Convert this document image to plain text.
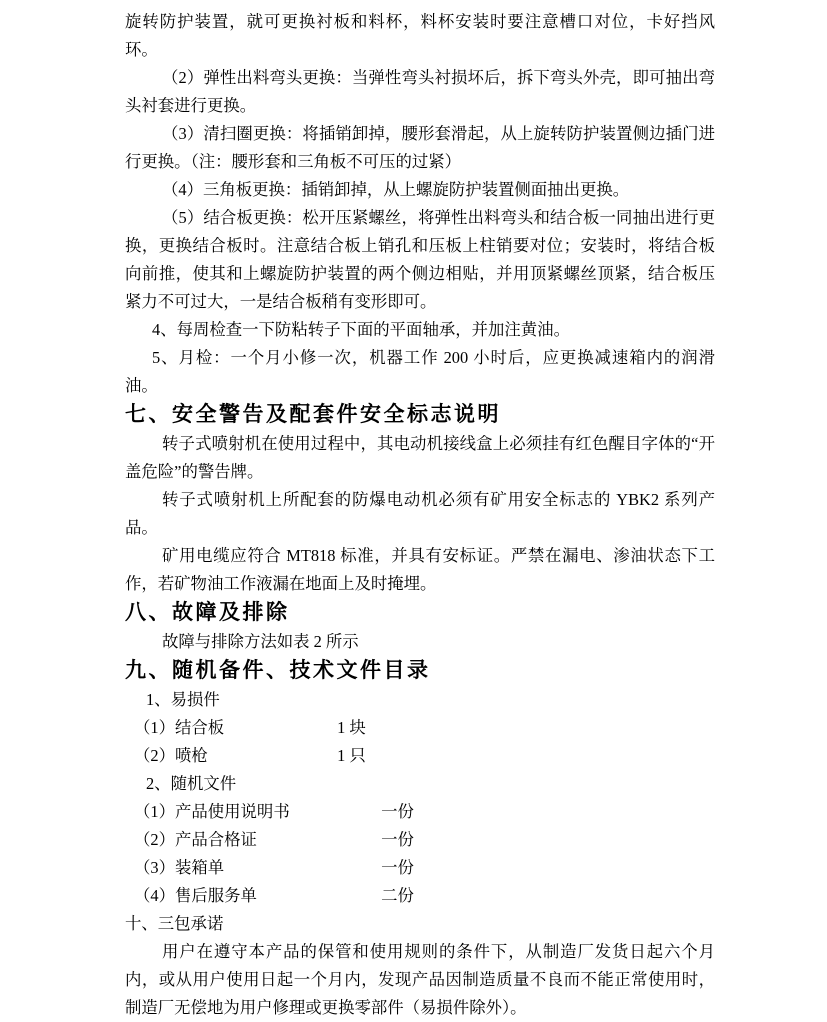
旋转防护装置，就可更换衬板和料杯，料杯安装时要注意槽口对位，卡好挡风环。

（2）弹性出料弯头更换：当弹性弯头衬损坏后，拆下弯头外壳，即可抽出弯头衬套进行更换。

（3）清扫圈更换：将插销卸掉，腰形套滑起，从上旋转防护装置侧边插门进行更换。（注：腰形套和三角板不可压的过紧）

（4）三角板更换：插销卸掉，从上螺旋防护装置侧面抽出更换。

（5）结合板更换：松开压紧螺丝，将弹性出料弯头和结合板一同抽出进行更换，更换结合板时。注意结合板上销孔和压板上柱销要对位；安装时，将结合板向前推，使其和上螺旋防护装置的两个侧边相贴，并用顶紧螺丝顶紧，结合板压紧力不可过大，一是结合板稍有变形即可。

4、每周检查一下防粘转子下面的平面轴承，并加注黄油。

5、月检：一个月小修一次，机器工作 200 小时后，应更换减速箱内的润滑油。

七、安全警告及配套件安全标志说明

转子式喷射机在使用过程中，其电动机接线盒上必须挂有红色醒目字体的“开盖危险”的警告牌。

转子式喷射机上所配套的防爆电动机必须有矿用安全标志的 YBK2 系列产品。

矿用电缆应符合 MT818 标准，并具有安标证。严禁在漏电、渗油状态下工作，若矿物油工作液漏在地面上及时掩埋。

八、故障及排除

故障与排除方法如表 2 所示

九、随机备件、技术文件目录
1、易损件
（1）结合板	1 块
（2）喷枪	1 只
2、随机文件
（1）产品使用说明书	一份
（2）产品合格证	一份
（3）装箱单	一份
（4）售后服务单	二份
十、三包承诺

用户在遵守本产品的保管和使用规则的条件下，从制造厂发货日起六个月内，或从用户使用日起一个月内，发现产品因制造质量不良而不能正常使用时，制造厂无偿地为用户修理或更换零部件（易损件除外）。
